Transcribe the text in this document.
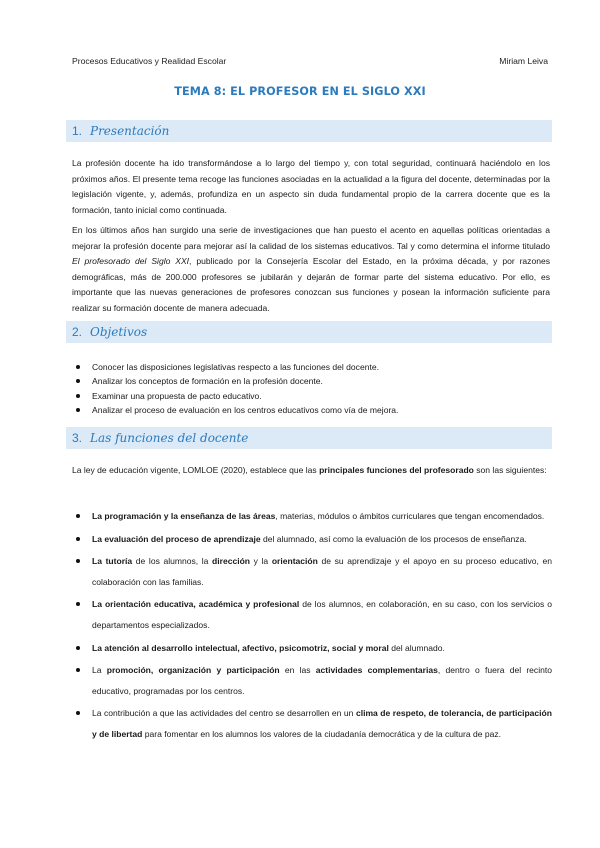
Procesos Educativos y Realidad Escolar	Miriam Leiva
TEMA 8: EL PROFESOR EN EL SIGLO XXI
1. Presentación

La profesión docente ha ido transformándose a lo largo del tiempo y, con total seguridad, continuará haciéndolo en los próximos años. El presente tema recoge las funciones asociadas en la actualidad a la figura del docente, determinadas por la legislación vigente, y, además, profundiza en un aspecto sin duda fundamental propio de la carrera docente que es la formación, tanto inicial como continuada.

En los últimos años han surgido una serie de investigaciones que han puesto el acento en aquellas políticas orientadas a mejorar la profesión docente para mejorar así la calidad de los sistemas educativos. Tal y como determina el informe titulado El profesorado del Siglo XXI, publicado por la Consejería Escolar del Estado, en la próxima década, y por razones demográficas, más de 200.000 profesores se jubilarán y dejarán de formar parte del sistema educativo. Por ello, es importante que las nuevas generaciones de profesores conozcan sus funciones y posean la información suficiente para realizar su formación docente de manera adecuada.

2. Objetivos
Conocer las disposiciones legislativas respecto a las funciones del docente.
Analizar los conceptos de formación en la profesión docente.
Examinar una propuesta de pacto educativo.
Analizar el proceso de evaluación en los centros educativos como vía de mejora.
3. Las funciones del docente

La ley de educación vigente, LOMLOE (2020), establece que las principales funciones del profesorado son las siguientes:

La programación y la enseñanza de las áreas, materias, módulos o ámbitos curriculares que tengan encomendados.
La evaluación del proceso de aprendizaje del alumnado, así como la evaluación de los procesos de enseñanza.
La tutoría de los alumnos, la dirección y la orientación de su aprendizaje y el apoyo en su proceso educativo, en colaboración con las familias.
La orientación educativa, académica y profesional de los alumnos, en colaboración, en su caso, con los servicios o departamentos especializados.
La atención al desarrollo intelectual, afectivo, psicomotriz, social y moral del alumnado.
La promoción, organización y participación en las actividades complementarias, dentro o fuera del recinto educativo, programadas por los centros.
La contribución a que las actividades del centro se desarrollen en un clima de respeto, de tolerancia, de participación y de libertad para fomentar en los alumnos los valores de la ciudadanía democrática y de la cultura de paz.
